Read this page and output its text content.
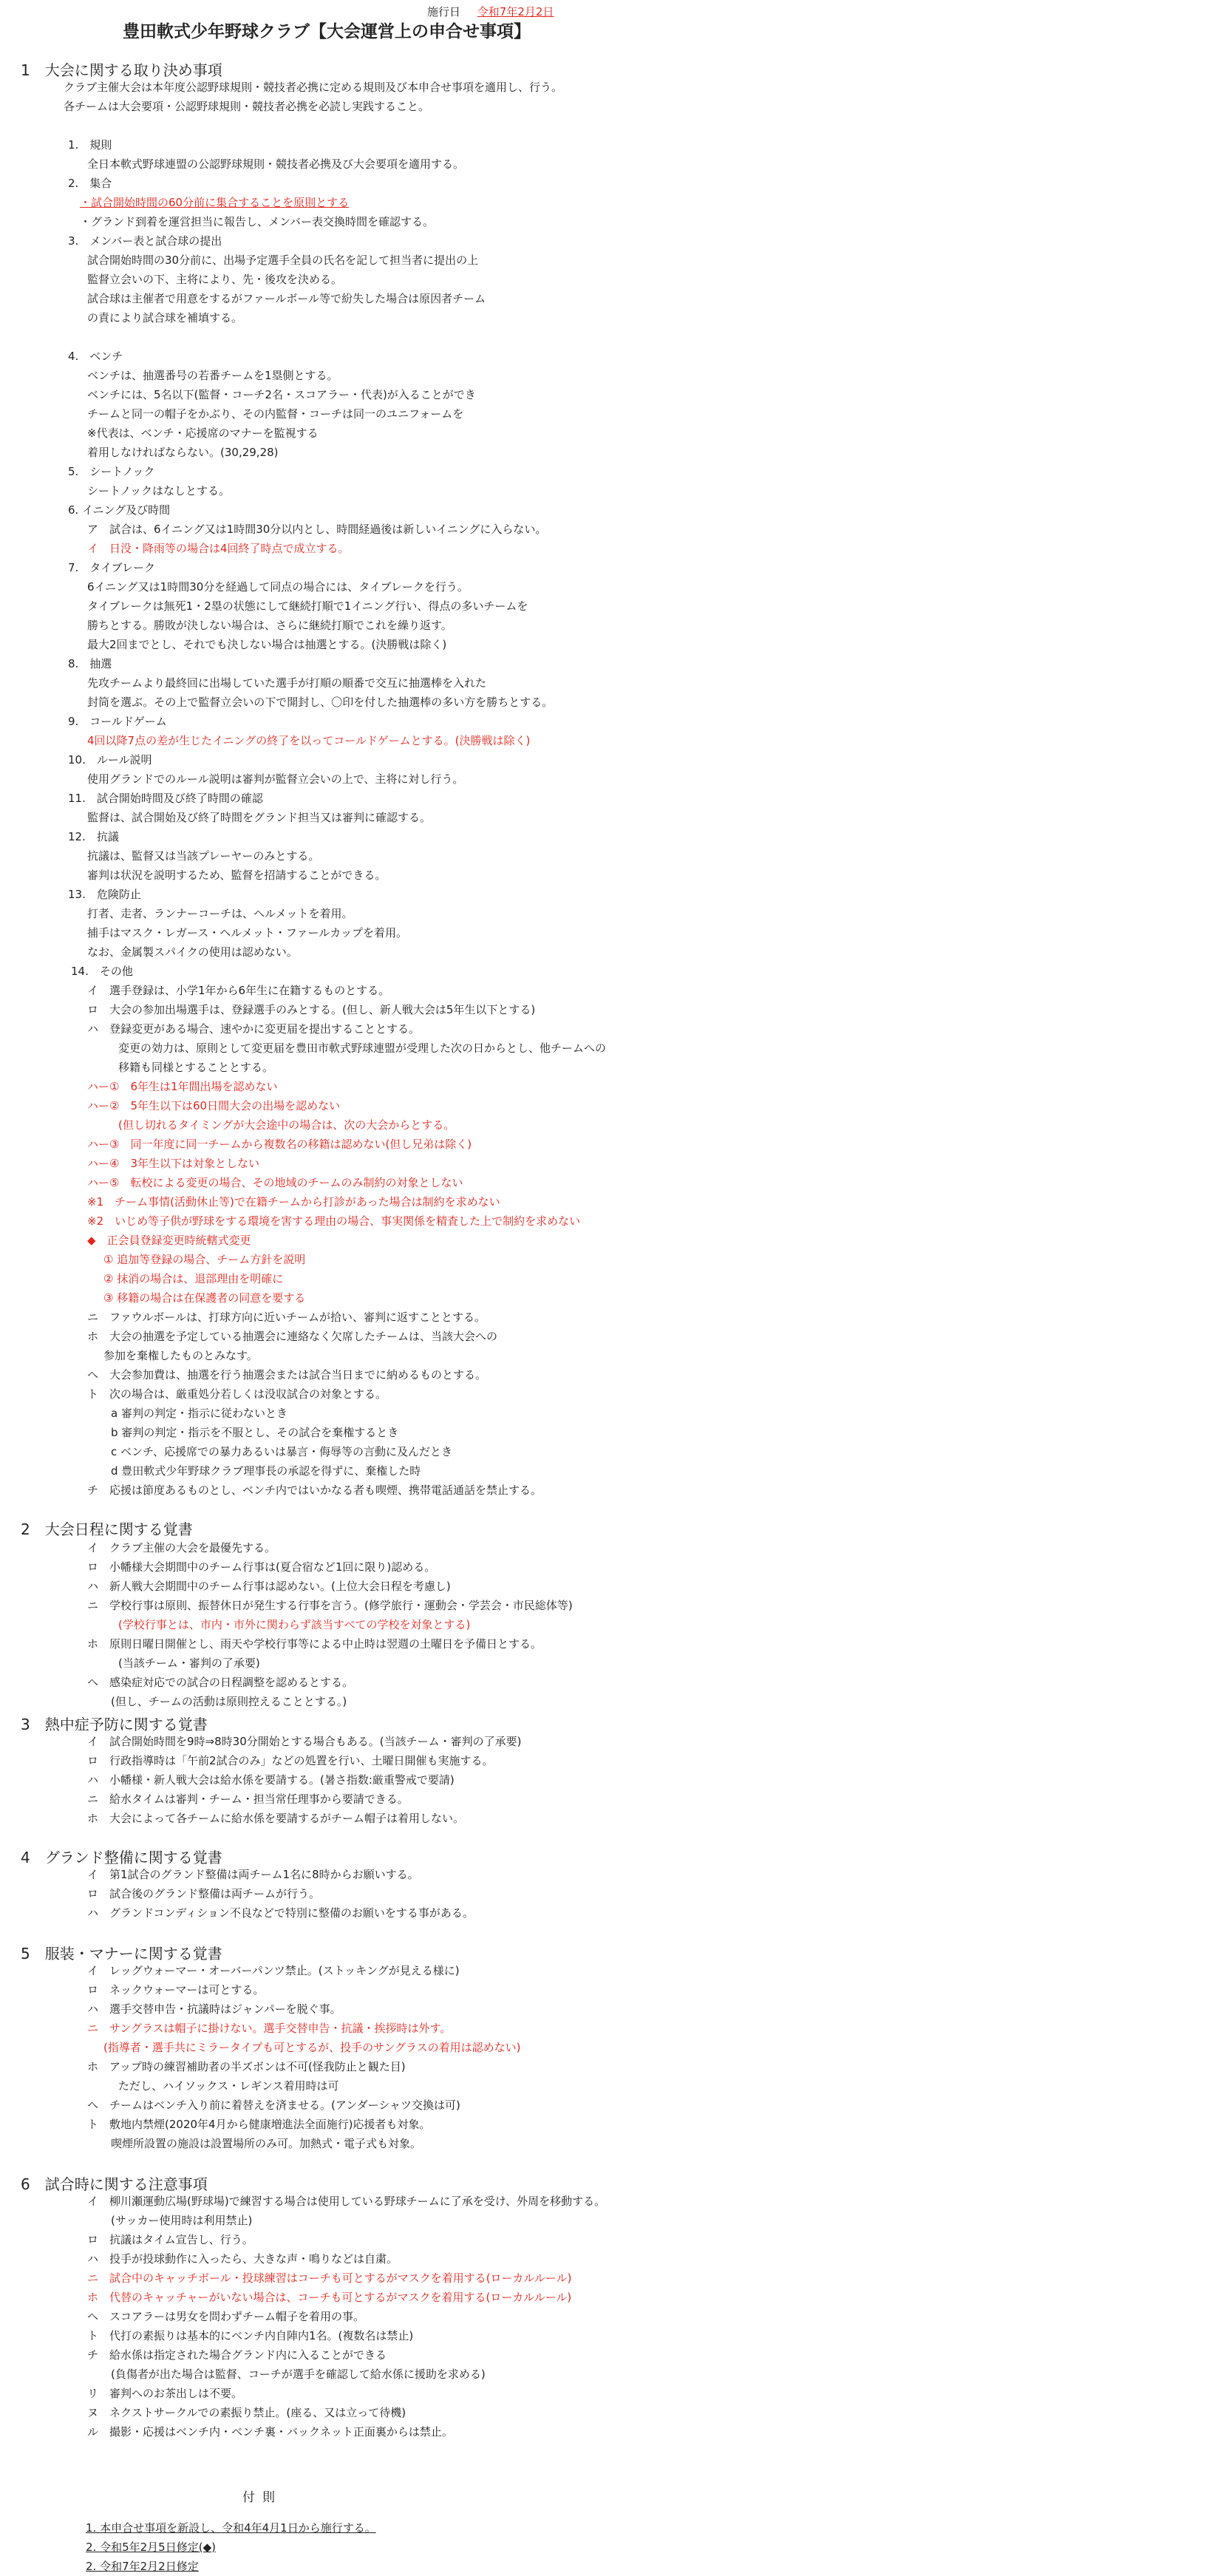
施行日 令和7年2月2日
豊田軟式少年野球クラブ【大会運営上の申合せ事項】
1　大会に関する取り決め事項
クラブ主催大会は本年度公認野球規則・競技者必携に定める規則及び本申合せ事項を適用し、行う。
各チームは大会要項・公認野球規則・競技者必携を必読し実践すること。
1.　規則
全日本軟式野球連盟の公認野球規則・競技者必携及び大会要項を適用する。
2.　集合
・試合開始時間の60分前に集合することを原則とする
・グランド到着を運営担当に報告し、メンバー表交換時間を確認する。
3.　メンバー表と試合球の提出
試合開始時間の30分前に、出場予定選手全員の氏名を記して担当者に提出の上
監督立会いの下、主将により、先・後攻を決める。
試合球は主催者で用意をするがファールボール等で紛失した場合は原因者チーム
の責により試合球を補填する。
4.　ベンチ
ベンチは、抽選番号の若番チームを1塁側とする。
ベンチには、5名以下(監督・コーチ2名・スコアラー・代表)が入ることができ
チームと同一の帽子をかぶり、その内監督・コーチは同一のユニフォームを
※代表は、ベンチ・応援席のマナーを監視する
着用しなければならない。(30,29,28)
5.　シートノック
シートノックはなしとする。
6. イニング及び時間
ア　試合は、6イニング又は1時間30分以内とし、時間経過後は新しいイニングに入らない。
イ　日没・降雨等の場合は4回終了時点で成立する。
7.　タイブレーク
6イニング又は1時間30分を経過して同点の場合には、タイブレークを行う。
タイブレークは無死1・2塁の状態にして継続打順で1イニング行い、得点の多いチームを
勝ちとする。勝敗が決しない場合は、さらに継続打順でこれを繰り返す。
最大2回までとし、それでも決しない場合は抽選とする。(決勝戦は除く)
8.　抽選
先攻チームより最終回に出場していた選手が打順の順番で交互に抽選棒を入れた
封筒を選ぶ。その上で監督立会いの下で開封し、〇印を付した抽選棒の多い方を勝ちとする。
9.　コールドゲーム
4回以降7点の差が生じたイニングの終了を以ってコールドゲームとする。(決勝戦は除く)
10.　ルール説明
使用グランドでのルール説明は審判が監督立会いの上で、主将に対し行う。
11.　試合開始時間及び終了時間の確認
監督は、試合開始及び終了時間をグランド担当又は審判に確認する。
12.　抗議
抗議は、監督又は当該プレーヤーのみとする。
審判は状況を説明するため、監督を招請することができる。
13.　危険防止
打者、走者、ランナーコーチは、ヘルメットを着用。
捕手はマスク・レガース・ヘルメット・ファールカップを着用。
なお、金属製スパイクの使用は認めない。
14.　その他
イ　選手登録は、小学1年から6年生に在籍するものとする。
ロ　大会の参加出場選手は、登録選手のみとする。(但し、新人戦大会は5年生以下とする)
ハ　登録変更がある場合、速やかに変更届を提出することとする。
変更の効力は、原則として変更届を豊田市軟式野球連盟が受理した次の日からとし、他チームへの
移籍も同様とすることとする。
ハー①　6年生は1年間出場を認めない
ハー②　5年生以下は60日間大会の出場を認めない
(但し切れるタイミングが大会途中の場合は、次の大会からとする。
ハー③　同一年度に同一チームから複数名の移籍は認めない(但し兄弟は除く)
ハー④　3年生以下は対象としない
ハー⑤　転校による変更の場合、その地域のチームのみ制約の対象としない
※1　チーム事情(活動休止等)で在籍チームから打診があった場合は制約を求めない
※2　いじめ等子供が野球をする環境を害する理由の場合、事実関係を精査した上で制約を求めない
◆　正会員登録変更時統轄式変更
① 追加等登録の場合、チーム方針を説明
② 抹消の場合は、退部理由を明確に
③ 移籍の場合は在保護者の同意を要する
ニ　ファウルボールは、打球方向に近いチームが拾い、審判に返すこととする。
ホ　大会の抽選を予定している抽選会に連絡なく欠席したチームは、当該大会への
参加を棄権したものとみなす。
ヘ　大会参加費は、抽選を行う抽選会または試合当日までに納めるものとする。
ト　次の場合は、厳重処分若しくは没収試合の対象とする。
a 審判の判定・指示に従わないとき
b 審判の判定・指示を不服とし、その試合を棄権するとき
c ベンチ、応援席での暴力あるいは暴言・侮辱等の言動に及んだとき
d 豊田軟式少年野球クラブ理事長の承認を得ずに、棄権した時
チ　応援は節度あるものとし、ベンチ内ではいかなる者も喫煙、携帯電話通話を禁止する。
2　大会日程に関する覚書
イ　クラブ主催の大会を最優先する。
ロ　小幡様大会期間中のチーム行事は(夏合宿など1回に限り)認める。
ハ　新人戦大会期間中のチーム行事は認めない。(上位大会日程を考慮し)
ニ　学校行事は原則、振替休日が発生する行事を言う。(修学旅行・運動会・学芸会・市民総体等)
(学校行事とは、市内・市外に関わらず該当すべての学校を対象とする)
ホ　原則日曜日開催とし、雨天や学校行事等による中止時は翌週の土曜日を予備日とする。
(当該チーム・審判の了承要)
ヘ　感染症対応での試合の日程調整を認めるとする。
(但し、チームの活動は原則控えることとする。)
3　熱中症予防に関する覚書
イ　試合開始時間を9時⇒8時30分開始とする場合もある。(当該チーム・審判の了承要)
ロ　行政指導時は「午前2試合のみ」などの処置を行い、土曜日開催も実施する。
ハ　小幡様・新人戦大会は給水係を要請する。(暑さ指数:厳重警戒で要請)
ニ　給水タイムは審判・チーム・担当常任理事から要請できる。
ホ　大会によって各チームに給水係を要請するがチーム帽子は着用しない。
4　グランド整備に関する覚書
イ　第1試合のグランド整備は両チーム1名に8時からお願いする。
ロ　試合後のグランド整備は両チームが行う。
ハ　グランドコンディション不良などで特別に整備のお願いをする事がある。
5　服装・マナーに関する覚書
イ　レッグウォーマー・オーバーパンツ禁止。(ストッキングが見える様に)
ロ　ネックウォーマーは可とする。
ハ　選手交替申告・抗議時はジャンパーを脱ぐ事。
ニ　サングラスは帽子に掛けない。選手交替申告・抗議・挨拶時は外す。
(指導者・選手共にミラータイプも可とするが、投手のサングラスの着用は認めない)
ホ　アップ時の練習補助者の半ズボンは不可(怪我防止と観た目)
ただし、ハイソックス・レギンス着用時は可
ヘ　チームはベンチ入り前に着替えを済ませる。(アンダーシャツ交換は可)
ト　敷地内禁煙(2020年4月から健康増進法全面施行)応援者も対象。
喫煙所設置の施設は設置場所のみ可。加熱式・電子式も対象。
6　試合時に関する注意事項
イ　柳川瀬運動広場(野球場)で練習する場合は使用している野球チームに了承を受け、外周を移動する。
(サッカー使用時は利用禁止)
ロ　抗議はタイム宣告し、行う。
ハ　投手が投球動作に入ったら、大きな声・鳴りなどは自粛。
ニ　試合中のキャッチボール・投球練習はコーチも可とするがマスクを着用する(ローカルルール)
ホ　代替のキャッチャーがいない場合は、コーチも可とするがマスクを着用する(ローカルルール)
ヘ　スコアラーは男女を問わずチーム帽子を着用の事。
ト　代打の素振りは基本的にベンチ内自陣内1名。(複数名は禁止)
チ　給水係は指定された場合グランド内に入ることができる
(負傷者が出た場合は監督、コーチが選手を確認して給水係に援助を求める)
リ　審判へのお茶出しは不要。
ヌ　ネクストサークルでの素振り禁止。(座る、又は立って待機)
ル　撮影・応援はベンチ内・ベンチ裏・バックネット正面裏からは禁止。
付則
1. 本申合せ事項を新設し、令和4年4月1日から施行する。
2. 令和5年2月5日修定(◆)
2. 令和7年2月2日修定
